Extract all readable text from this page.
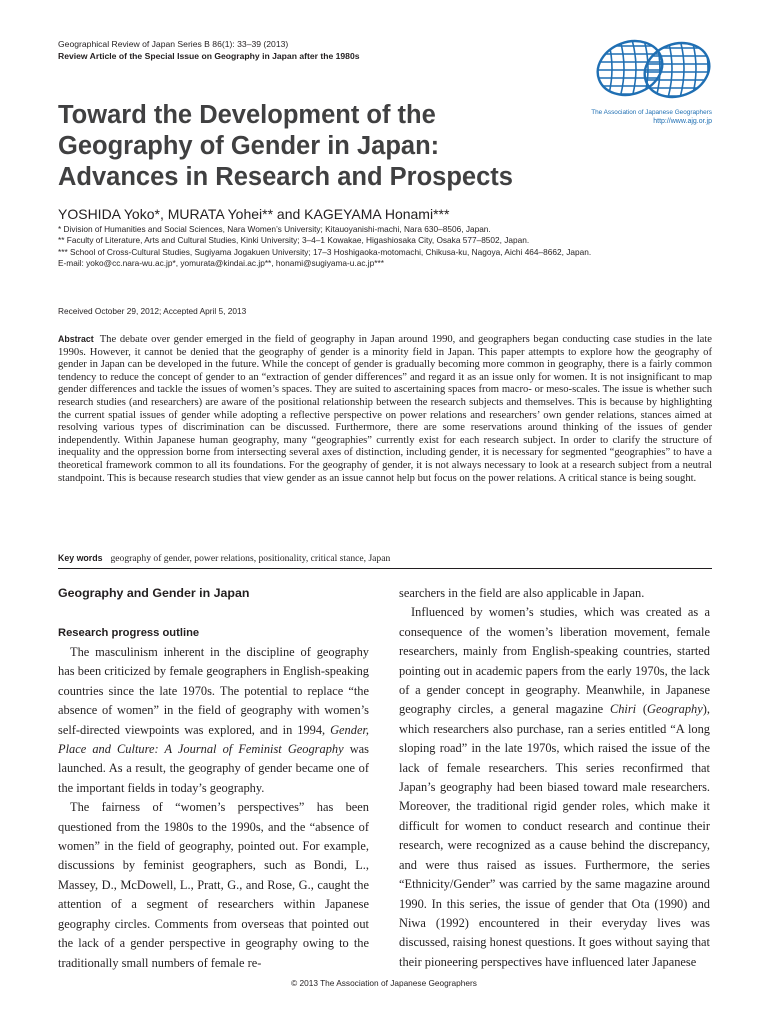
Geographical Review of Japan Series B 86(1): 33–39 (2013)
Review Article of the Special Issue on Geography in Japan after the 1980s
The Association of Japanese Geographers
http://www.ajg.or.jp
Toward the Development of the
Geography of Gender in Japan:
Advances in Research and Prospects
YOSHIDA Yoko*, MURATA Yohei** and KAGEYAMA Honami***
* Division of Humanities and Social Sciences, Nara Women’s University; Kitauoyanishi-machi, Nara 630–8506, Japan.
** Faculty of Literature, Arts and Cultural Studies, Kinki University; 3–4–1 Kowakae, Higashiosaka City, Osaka 577–8502, Japan.
*** School of Cross-Cultural Studies, Sugiyama Jogakuen University; 17–3 Hoshigaoka-motomachi, Chikusa-ku, Nagoya, Aichi 464–8662, Japan.
E-mail: yoko@cc.nara-wu.ac.jp*, yomurata@kindai.ac.jp**, honami@sugiyama-u.ac.jp***
Received October 29, 2012; Accepted April 5, 2013

Abstract The debate over gender emerged in the field of geography in Japan around 1990, and geographers began conducting case studies in the late 1990s. However, it cannot be denied that the geography of gender is a minority field in Japan. This paper attempts to explore how the geography of gender in Japan can be developed in the future. While the concept of gender is gradually becoming more common in geography, there is a fairly common tendency to reduce the concept of gender to an “extraction of gender differences” and regard it as an issue only for women. It is not insignificant to map gender differences and tackle the issues of women’s spaces. They are suited to ascertaining spaces from macro- or meso-scales. The issue is whether such research studies (and researchers) are aware of the positional relationship between the research subjects and themselves. This is because by highlighting the current spatial issues of gender while adopting a reflective perspective on power relations and researchers’ own gender relations, stances aimed at resolving various types of discrimination can be discussed. Furthermore, there are some reservations around thinking of the issues of gender independently. Within Japanese human geography, many “geographies” currently exist for each research subject. In order to clarify the structure of inequality and the oppression borne from intersecting several axes of distinction, including gender, it is necessary for segmented “geographies” to have a theoretical framework common to all its foundations. For the geography of gender, it is not always necessary to look at a research subject from a neutral standpoint. This is because research studies that view gender as an issue cannot help but focus on the power relations. A critical stance is being sought.

Key words geography of gender, power relations, positionality, critical stance, Japan
Geography and Gender in Japan
Research progress outline

The masculinism inherent in the discipline of geography has been criticized by female geographers in English-speaking countries since the late 1970s. The potential to replace “the absence of women” in the field of geography with women’s self-directed viewpoints was explored, and in 1994, Gender, Place and Culture: A Journal of Feminist Geography was launched. As a result, the geography of gender became one of the important fields in today’s geography.

The fairness of “women’s perspectives” has been questioned from the 1980s to the 1990s, and the “absence of women” in the field of geography, pointed out. For example, discussions by feminist geographers, such as Bondi, L., Massey, D., McDowell, L., Pratt, G., and Rose, G., caught the attention of a segment of researchers within Japanese geography circles. Comments from overseas that pointed out the lack of a gender perspective in geography owing to the traditionally small numbers of female re-

searchers in the field are also applicable in Japan.

Influenced by women’s studies, which was created as a consequence of the women’s liberation movement, female researchers, mainly from English-speaking countries, started pointing out in academic papers from the early 1970s, the lack of a gender concept in geography. Meanwhile, in Japanese geography circles, a general magazine Chiri (Geography), which researchers also purchase, ran a series entitled “A long sloping road” in the late 1970s, which raised the issue of the lack of female researchers. This series reconfirmed that Japan’s geography had been biased toward male researchers. Moreover, the traditional rigid gender roles, which make it difficult for women to conduct research and continue their research, were recognized as a cause behind the discrepancy, and were thus raised as issues. Furthermore, the series “Ethnicity/Gender” was carried by the same magazine around 1990. In this series, the issue of gender that Ota (1990) and Niwa (1992) encountered in their everyday lives was discussed, raising honest questions. It goes without saying that their pioneering perspectives have influenced later Japanese

© 2013 The Association of Japanese Geographers
